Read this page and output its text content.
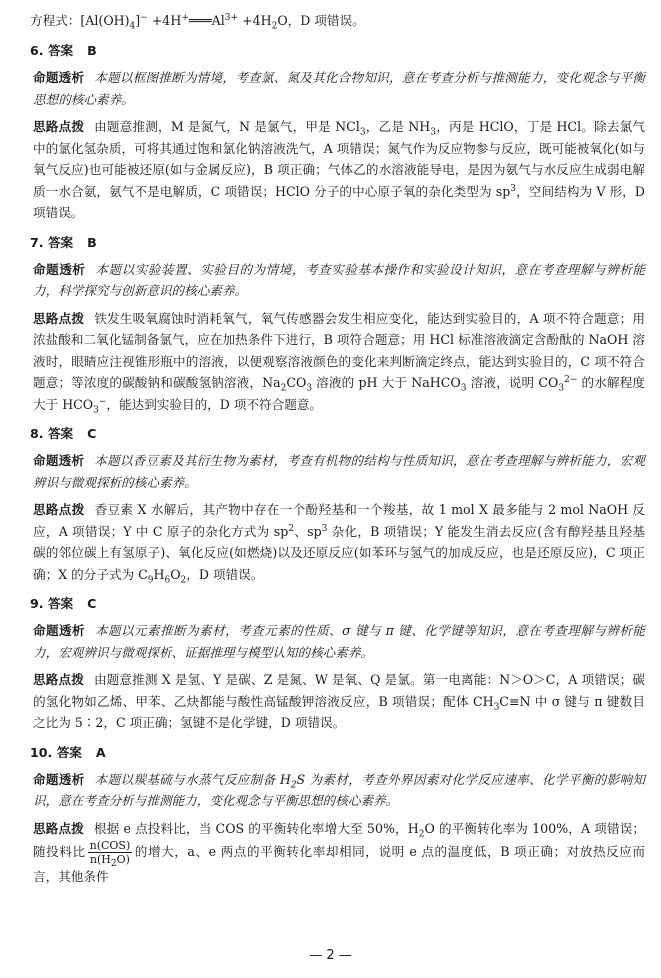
方程式：$[Al(OH)_4]^-$ $+4H^+═══Al^{3+} +4H_2O$，D 项错误。
6. 答案 B
命题透析 本题以框图推断为情境，考查氯、氮及其化合物知识，意在考查分析与推测能力，变化观念与平衡思想的核心素养。
思路点拨 由题意推测，M 是氮气，N 是氯气，甲是 NCl$_3$，乙是 $NH_3$，丙是 HClO，丁是 HCl。除去氯气中的氯化氢杂质，可将其通过饱和氯化钠溶液洗气，A 项错误；氮气作为反应物参与反应，既可能被氧化(如与氧气反应)也可能被还原(如与金属反应)，B 项正确；气体乙的水溶液能导电，是因为氨气与水反应生成弱电解质一水合氨，氨气不是电解质，C 项错误；HClO 分子的中心原子氧的杂化类型为 $sp^3$，空间结构为 V 形，D 项错误。
7. 答案 B
命题透析 本题以实验装置、实验目的为情境，考查实验基本操作和实验设计知识，意在考查理解与辨析能力，科学探究与创新意识的核心素养。
思路点拨 铁发生吸氧腐蚀时消耗氧气，氧气传感器会发生相应变化，能达到实验目的，A 项不符合题意；用浓盐酸和二氧化锰制备氯气，应在加热条件下进行，B 项符合题意；用 HCl 标准溶液滴定含酚酞的 NaOH 溶液时，眼睛应注视锥形瓶中的溶液，以便观察溶液颜色的变化来判断滴定终点，能达到实验目的，C 项不符合题意；等浓度的碳酸钠和碳酸氢钠溶液，$Na_2CO_3$ 溶液的 pH 大于 NaHCO$_3$ 溶液，说明 $CO_3^{2-}$ 的水解程度大于 $HCO_3^-$，能达到实验目的，D 项不符合题意。
8. 答案 C
命题透析 本题以香豆素及其衍生物为素材，考查有机物的结构与性质知识，意在考查理解与辨析能力，宏观辨识与微观探析的核心素养。
思路点拨 香豆素 X 水解后，其产物中存在一个酚羟基和一个羧基，故 1 mol X 最多能与 2 mol NaOH 反应，A 项错误；Y 中 C 原子的杂化方式为 $sp^2$、$sp^3$ 杂化，B 项错误；Y 能发生消去反应(含有醇羟基且羟基碳的邻位碳上有氢原子)、氧化反应(如燃烧)以及还原反应(如苯环与氢气的加成反应，也是还原反应)，C 项正确；X 的分子式为 $C_9H_6O_2$，D 项错误。
9. 答案 C
命题透析 本题以元素推断为素材，考查元素的性质、σ 键与 π 键、化学键等知识，意在考查理解与辨析能力，宏观辨识与微观探析、证据推理与模型认知的核心素养。
思路点拨 由题意推测 X 是氢、Y 是碳、Z 是氮、W 是氧、Q 是氯。第一电离能：N＞O＞C，A 项错误；碳的氢化物如乙烯、甲苯、乙炔都能与酸性高锰酸钾溶液反应，B 项错误；配体 $CH_3C\equiv N$ 中 σ 键与 π 键数目之比为 5∶2，C 项正确；氢键不是化学键，D 项错误。
10. 答案 A
命题透析 本题以羰基硫与水蒸气反应制备 $H_2S$ 为素材，考查外界因素对化学反应速率、化学平衡的影响知识，意在考查分析与推测能力，变化观念与平衡思想的核心素养。
思路点拨 根据 e 点投料比，当 COS 的平衡转化率增大至 50%，$H_2O$ 的平衡转化率为 100%，A 项错误；随投料比 $\frac{\text{n(COS)}}{n(H_2O)}$ 的增大，a、e 两点的平衡转化率却相同，说明 e 点的温度低，B 项正确；对放热反应而言，其他条件
— 2 —
